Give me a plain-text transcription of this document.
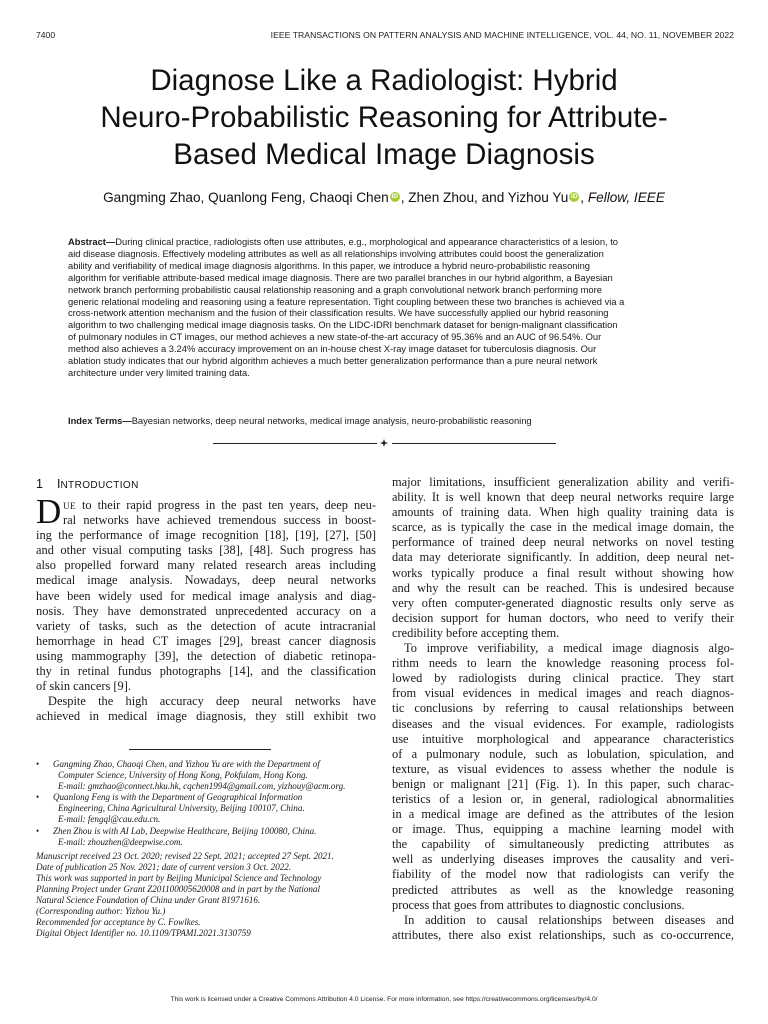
7400	IEEE TRANSACTIONS ON PATTERN ANALYSIS AND MACHINE INTELLIGENCE, VOL. 44, NO. 11, NOVEMBER 2022
Diagnose Like a Radiologist: Hybrid
Neuro-Probabilistic Reasoning for Attribute-
Based Medical Image Diagnosis
Gangming Zhao, Quanlong Feng, Chaoqi Chen iD , Zhen Zhou, and Yizhou Yu iD , Fellow, IEEE
Abstract—During clinical practice, radiologists often use attributes, e.g., morphological and appearance characteristics of a lesion, to
aid disease diagnosis. Effectively modeling attributes as well as all relationships involving attributes could boost the generalization
ability and verifiability of medical image diagnosis algorithms. In this paper, we introduce a hybrid neuro-probabilistic reasoning
algorithm for verifiable attribute-based medical image diagnosis. There are two parallel branches in our hybrid algorithm, a Bayesian
network branch performing probabilistic causal relationship reasoning and a graph convolutional network branch performing more
generic relational modeling and reasoning using a feature representation. Tight coupling between these two branches is achieved via a
cross-network attention mechanism and the fusion of their classification results. We have successfully applied our hybrid reasoning
algorithm to two challenging medical image diagnosis tasks. On the LIDC-IDRI benchmark dataset for benign-malignant classification
of pulmonary nodules in CT images, our method achieves a new state-of-the-art accuracy of 95.36% and an AUC of 96.54%. Our
method also achieves a 3.24% accuracy improvement on an in-house chest X-ray image dataset for tuberculosis diagnosis. Our
ablation study indicates that our hybrid algorithm achieves a much better generalization performance than a pure neural network
architecture under very limited training data.
Index Terms—Bayesian networks, deep neural networks, medical image analysis, neuro-probabilistic reasoning
1 INTRODUCTION
D UE to their rapid progress in the past ten years, deep neu-
ral networks have achieved tremendous success in boost-
ing the performance of image recognition [18], [19], [27], [50]
and other visual computing tasks [38], [48]. Such progress has
also propelled forward many related research areas including
medical image analysis. Nowadays, deep neural networks
have been widely used for medical image analysis and diag-
nosis. They have demonstrated unprecedented accuracy on a
variety of tasks, such as the detection of acute intracranial
hemorrhage in head CT images [29], breast cancer diagnosis
using mammography [39], the detection of diabetic retinopa-
thy in retinal fundus photographs [14], and the classification
of skin cancers [9].
Despite the high accuracy deep neural networks have
achieved in medical image diagnosis, they still exhibit two
major limitations, insufficient generalization ability and verifi-
ability. It is well known that deep neural networks require large
amounts of training data. When high quality training data is
scarce, as is typically the case in the medical image domain, the
performance of trained deep neural networks on novel testing
data may deteriorate significantly. In addition, deep neural net-
works typically produce a final result without showing how
and why the result can be reached. This is undesired because
very often computer-generated diagnostic results only serve as
decision support for human doctors, who need to verify their
credibility before accepting them.
To improve verifiability, a medical image diagnosis algo-
rithm needs to learn the knowledge reasoning process fol-
lowed by radiologists during clinical practice. They start
from visual evidences in medical images and reach diagnos-
tic conclusions by referring to causal relationships between
diseases and the visual evidences. For example, radiologists
use intuitive morphological and appearance characteristics
of a pulmonary nodule, such as lobulation, spiculation, and
texture, as visual evidences to assess whether the nodule is
benign or malignant [21] (Fig. 1). In this paper, such charac-
teristics of a lesion or, in general, radiological abnormalities
in a medical image are defined as the attributes of the lesion
or image. Thus, equipping a machine learning model with
the capability of simultaneously predicting attributes as
well as underlying diseases improves the causality and veri-
fiability of the model now that radiologists can verify the
predicted attributes as well as the knowledge reasoning
process that goes from attributes to diagnostic conclusions.
In addition to causal relationships between diseases and
attributes, there also exist relationships, such as co-occurrence,
• Gangming Zhao, Chaoqi Chen, and Yizhou Yu are with the Department of
Computer Science, University of Hong Kong, Pokfulam, Hong Kong.
E-mail: gmzhao@connect.hku.hk, cqchen1994@gmail.com, yizhouy@acm.org.
• Quanlong Feng is with the Department of Geographical Information
Engineering, China Agricultural University, Beijing 100107, China.
E-mail: fengql@cau.edu.cn.
• Zhen Zhou is with AI Lab, Deepwise Healthcare, Beijing 100080, China.
E-mail: zhouzhen@deepwise.com.
Manuscript received 23 Oct. 2020; revised 22 Sept. 2021; accepted 27 Sept. 2021.
Date of publication 25 Nov. 2021; date of current version 3 Oct. 2022.
This work was supported in part by Beijing Municipal Science and Technology
Planning Project under Grant Z201100005620008 and in part by the National
Natural Science Foundation of China under Grant 81971616.
(Corresponding author: Yizhou Yu.)
Recommended for acceptance by C. Fowlkes.
Digital Object Identifier no. 10.1109/TPAMI.2021.3130759
This work is licensed under a Creative Commons Attribution 4.0 License. For more information, see https://creativecommons.org/licenses/by/4.0/
